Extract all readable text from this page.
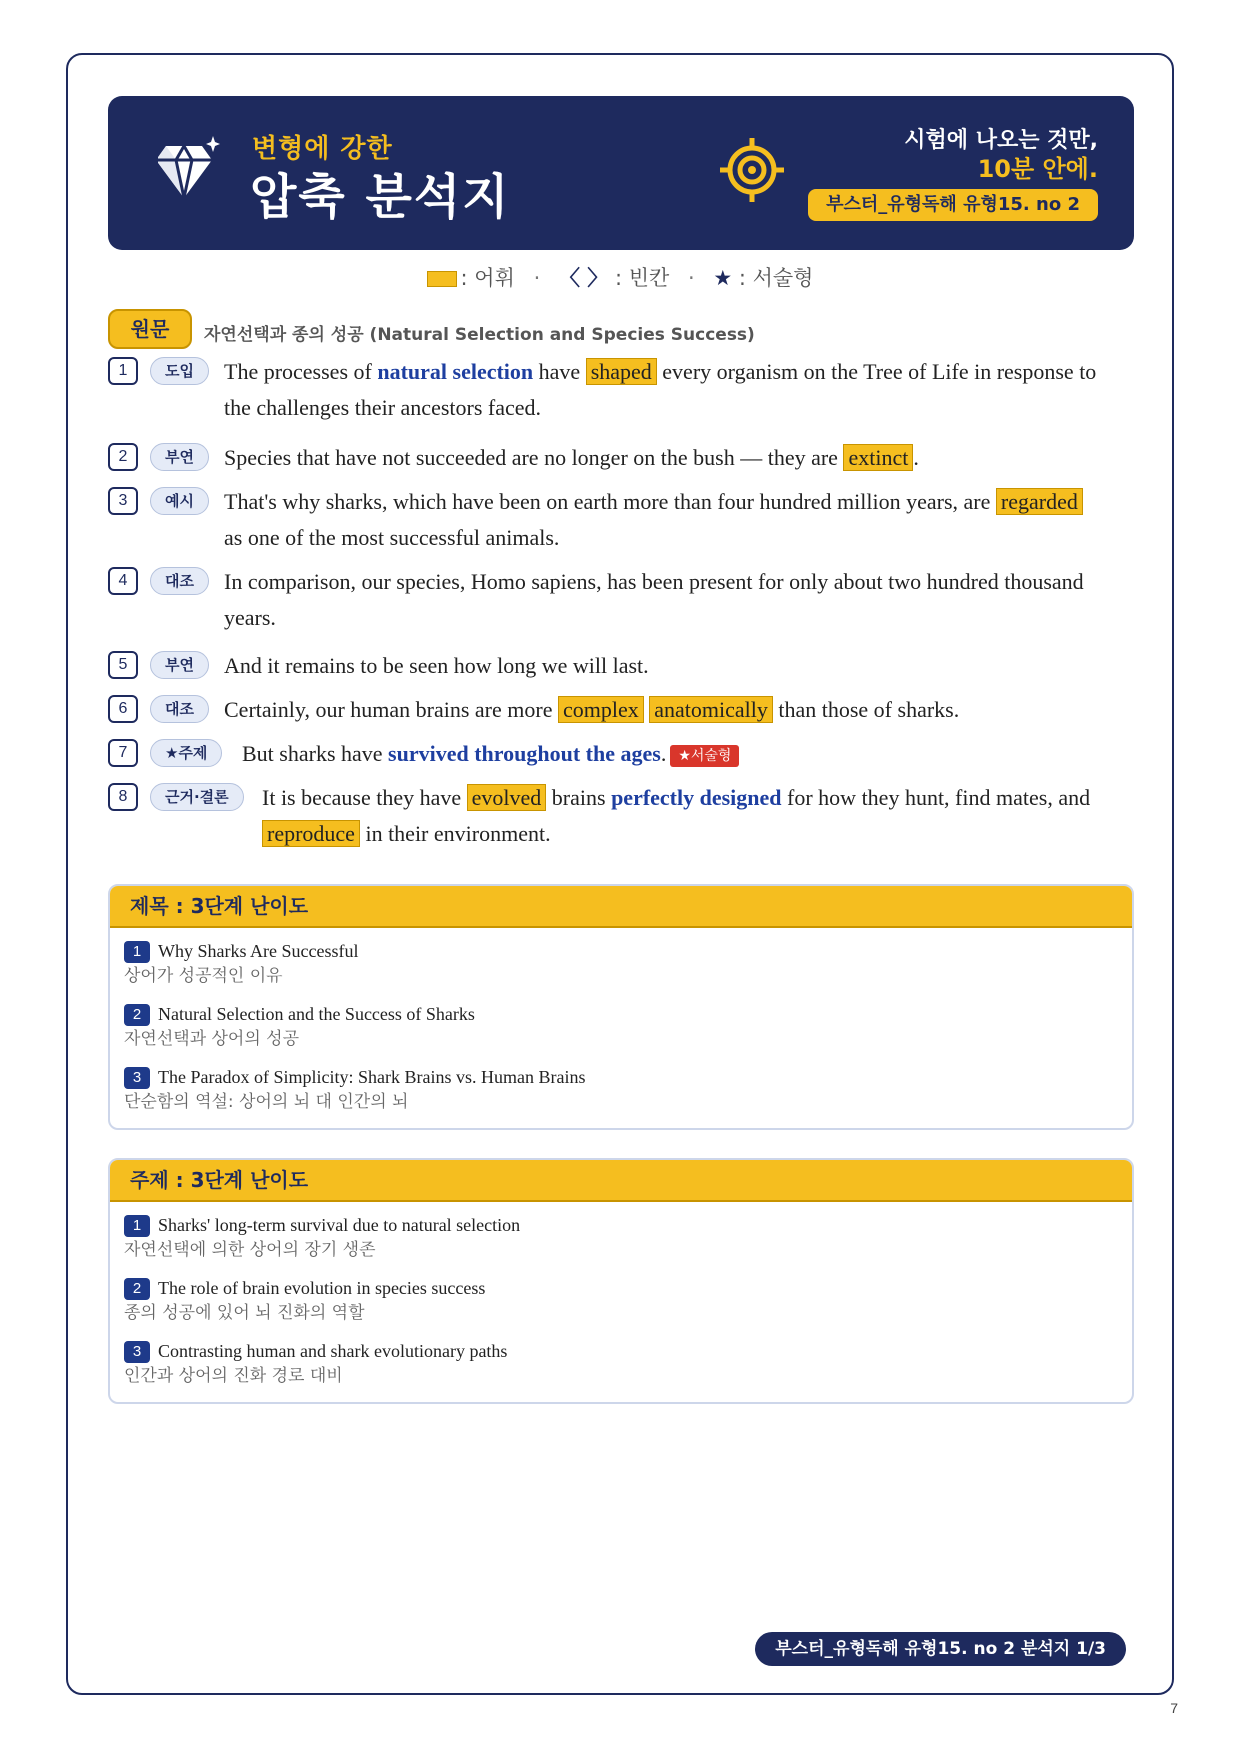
변형에 강한
압축 분석지
시험에 나오는 것만,
10분 안에.
부스터_유형독해 유형15. no 2
: 어휘 · 〈 〉 : 빈칸 · ★ : 서술형
원문	자연선택과 종의 성공 (Natural Selection and Species Success)
1	도입	The processes of natural selection have shaped every organism on the Tree of Life in response to the challenges their ancestors faced.
2	부연	Species that have not succeeded are no longer on the bush — they are extinct .
3	예시	That's why sharks, which have been on earth more than four hundred million years, are regarded as one of the most successful animals.
4	대조	In comparison, our species, Homo sapiens, has been present for only about two hundred thousand years.
5	부연	And it remains to be seen how long we will last.
6	대조	Certainly, our human brains are more complex anatomically than those of sharks.
7	★주제	But sharks have survived throughout the ages. ★서술형
8	근거·결론	It is because they have evolved brains perfectly designed for how they hunt, find mates, and reproduce in their environment.
제목 : 3단계 난이도
1 Why Sharks Are Successful
상어가 성공적인 이유
2 Natural Selection and the Success of Sharks
자연선택과 상어의 성공
3 The Paradox of Simplicity: Shark Brains vs. Human Brains
단순함의 역설: 상어의 뇌 대 인간의 뇌
주제 : 3단계 난이도
1 Sharks' long-term survival due to natural selection
자연선택에 의한 상어의 장기 생존
2 The role of brain evolution in species success
종의 성공에 있어 뇌 진화의 역할
3 Contrasting human and shark evolutionary paths
인간과 상어의 진화 경로 대비
부스터_유형독해 유형15. no 2 분석지 1/3
7
